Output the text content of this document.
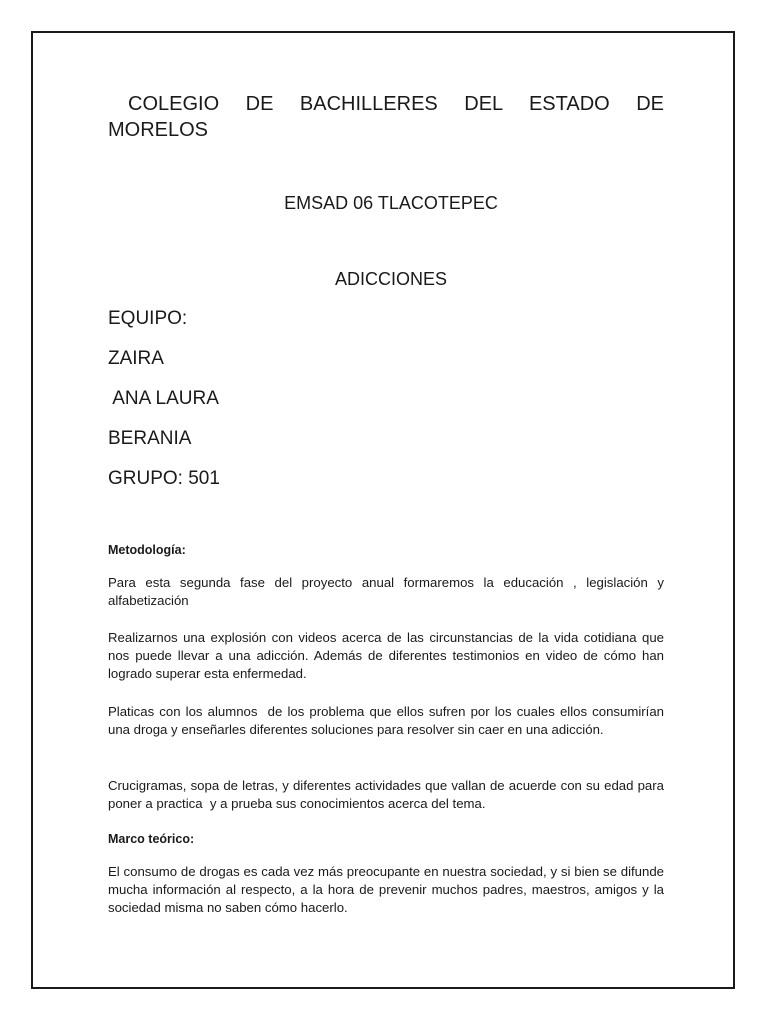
COLEGIO DE BACHILLERES DEL ESTADO DE MORELOS
EMSAD 06 TLACOTEPEC
ADICCIONES
EQUIPO:
ZAIRA
ANA LAURA
BERANIA
GRUPO: 501
Metodología:
Para esta segunda fase del proyecto anual formaremos la educación , legislación y alfabetización
Realizarnos una explosión con videos acerca de las circunstancias de la vida cotidiana que nos puede llevar a una adicción. Además de diferentes testimonios en video de cómo han logrado superar esta enfermedad.
Platicas con los alumnos  de los problema que ellos sufren por los cuales ellos consumirían una droga y enseñarles diferentes soluciones para resolver sin caer en una adicción.
Crucigramas, sopa de letras, y diferentes actividades que vallan de acuerde con su edad para poner a practica  y a prueba sus conocimientos acerca del tema.
Marco teórico:
El consumo de drogas es cada vez más preocupante en nuestra sociedad, y si bien se difunde mucha información al respecto, a la hora de prevenir muchos padres, maestros, amigos y la sociedad misma no saben cómo hacerlo.
